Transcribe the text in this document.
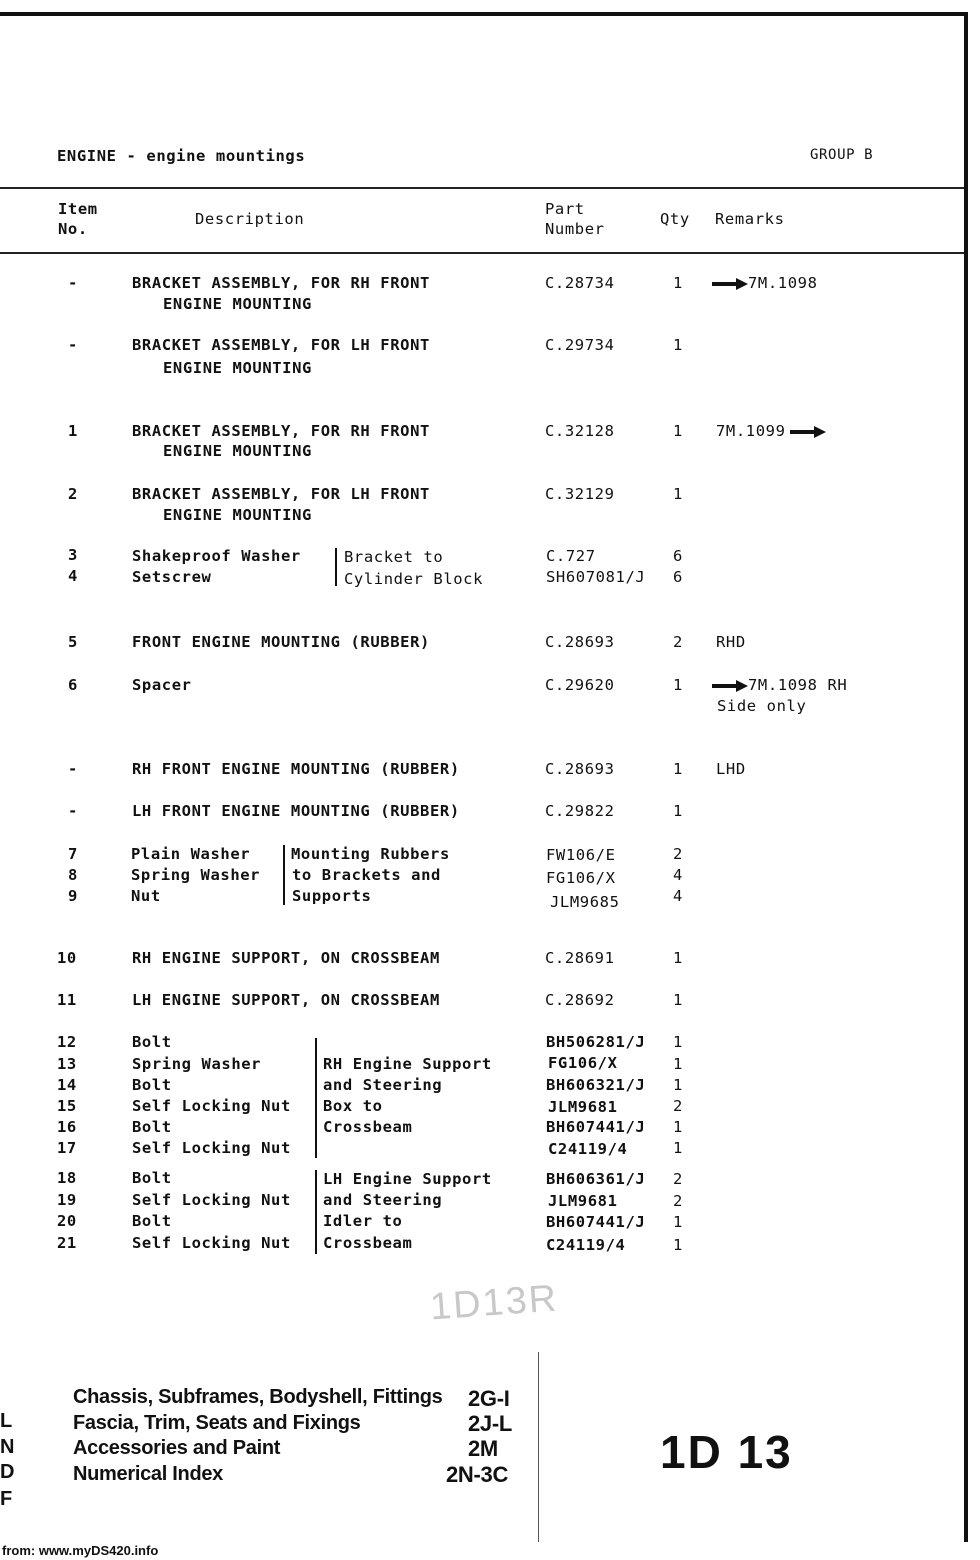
ENGINE - engine mountings	GROUP B
Item
No.
Description
Part
Number
Qty Remarks
-	BRACKET ASSEMBLY, FOR RH FRONT
ENGINE MOUNTING
C.28734	1	7M.1098
-	BRACKET ASSEMBLY, FOR LH FRONT
ENGINE MOUNTING
C.29734	1
1	BRACKET ASSEMBLY, FOR RH FRONT
ENGINE MOUNTING
C.32128	1 7M.1099
2	BRACKET ASSEMBLY, FOR LH FRONT
ENGINE MOUNTING
C.32129	1
3	Shakeproof Washer	C.727	6
4	Setscrew	SH607081/J 6
Bracket to
Cylinder Block
5	FRONT ENGINE MOUNTING (RUBBER)	C.28693	2 RHD
6	Spacer	C.29620	1	7M.1098 RH
Side only
-	RH FRONT ENGINE MOUNTING (RUBBER)	C.28693	1 LHD
-	LH FRONT ENGINE MOUNTING (RUBBER)	C.29822	1
7	Plain Washer	FW106/E	2
8	Spring Washer	FG106/X	4
9	Nut	JLM9685	4
Mounting Rubbers
to Brackets and
Supports
10	RH ENGINE SUPPORT, ON CROSSBEAM	C.28691	1
11	LH ENGINE SUPPORT, ON CROSSBEAM	C.28692	1
12	Bolt	BH506281/J 1
13	Spring Washer	FG106/X	1
14	Bolt	BH606321/J 1
15	Self Locking Nut	JLM9681	2
16	Bolt	BH607441/J 1
17	Self Locking Nut	C24119/4	1
RH Engine Support
and Steering
Box to
Crossbeam
18	Bolt	BH606361/J 2
19	Self Locking Nut	JLM9681	2
20	Bolt	BH607441/J 1
21	Self Locking Nut	C24119/4	1
LH Engine Support
and Steering
Idler to
Crossbeam
1D13R
L
Chassis, Subframes, Bodyshell, Fittings 2G-I
N
Fascia, Trim, Seats and Fixings	2J-L
D
Accessories and Paint	2M
F
Numerical Index	2N-3C	1D 13
from: www.myDS420.info
